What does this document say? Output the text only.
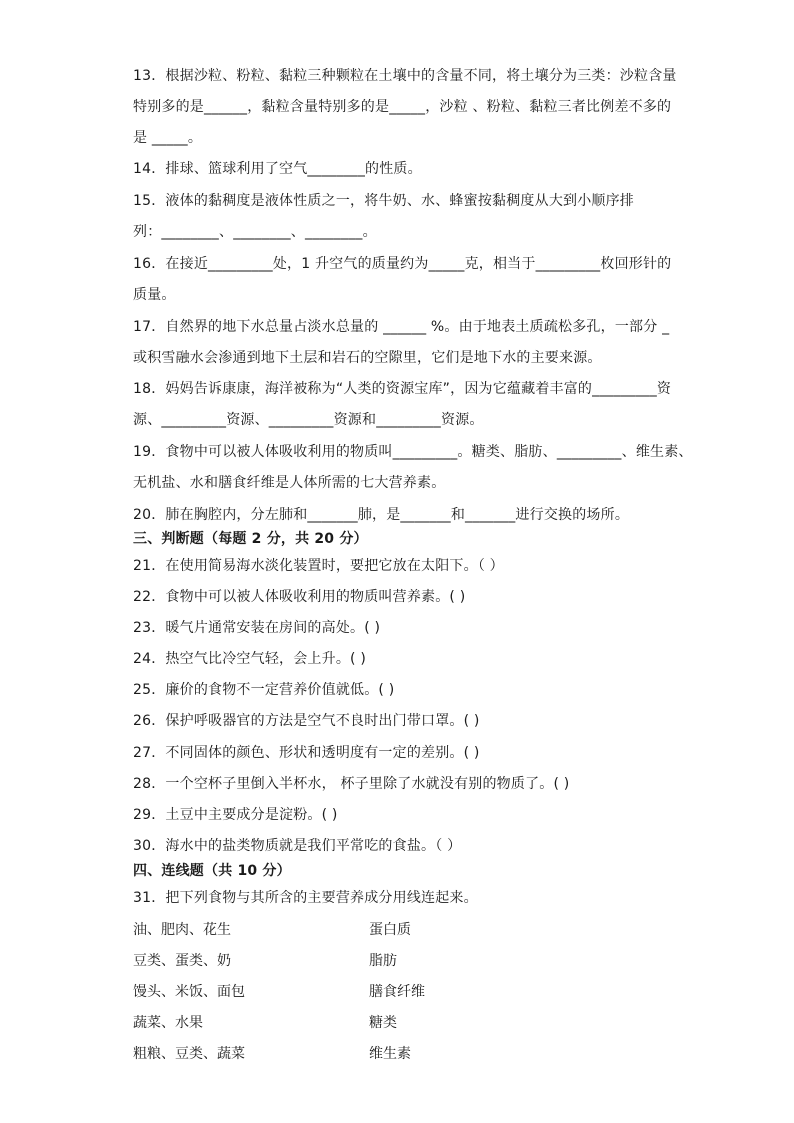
13．根据沙粒、粉粒、黏粒三种颗粒在土壤中的含量不同，将土壤分为三类：沙粒含量
特别多的是______，黏粒含量特别多的是_____，沙粒 、粉粒、黏粒三者比例差不多的
是 _____。
14．排球、篮球利用了空气________的性质。
15．液体的黏稠度是液体性质之一，将牛奶、水、蜂蜜按黏稠度从大到小顺序排
列：________、________、________。
16．在接近_________处，1 升空气的质量约为_____克，相当于_________枚回形针的
质量。
17．自然界的地下水总量占淡水总量的 ______ %。由于地表土质疏松多孔，一部分 _
或积雪融水会渗通到地下土层和岩石的空隙里，它们是地下水的主要来源。
18．妈妈告诉康康，海洋被称为“人类的资源宝库”，因为它蕴藏着丰富的_________资
源、_________资源、_________资源和_________资源。
19．食物中可以被人体吸收利用的物质叫_________。糖类、脂肪、_________、维生素、
无机盐、水和膳食纤维是人体所需的七大营养素。
20．肺在胸腔内，分左肺和_______肺，是_______和_______进行交换的场所。
三、判断题（每题 2 分，共 20 分）
21．在使用简易海水淡化装置时，要把它放在太阳下。（ ）
22．食物中可以被人体吸收利用的物质叫营养素。( )
23．暖气片通常安装在房间的高处。( )
24．热空气比冷空气轻，会上升。( )
25．廉价的食物不一定营养价值就低。( )
26．保护呼吸器官的方法是空气不良时出门带口罩。( )
27．不同固体的颜色、形状和透明度有一定的差别。( )
28．一个空杯子里倒入半杯水， 杯子里除了水就没有别的物质了。( )
29．土豆中主要成分是淀粉。( )
30．海水中的盐类物质就是我们平常吃的食盐。（ ）
四、连线题（共 10 分）
31．把下列食物与其所含的主要营养成分用线连起来。
油、肥肉、花生
豆类、蛋类、奶
馒头、米饭、面包
蔬菜、水果
粗粮、豆类、蔬菜
蛋白质
脂肪
膳食纤维
糖类
维生素
